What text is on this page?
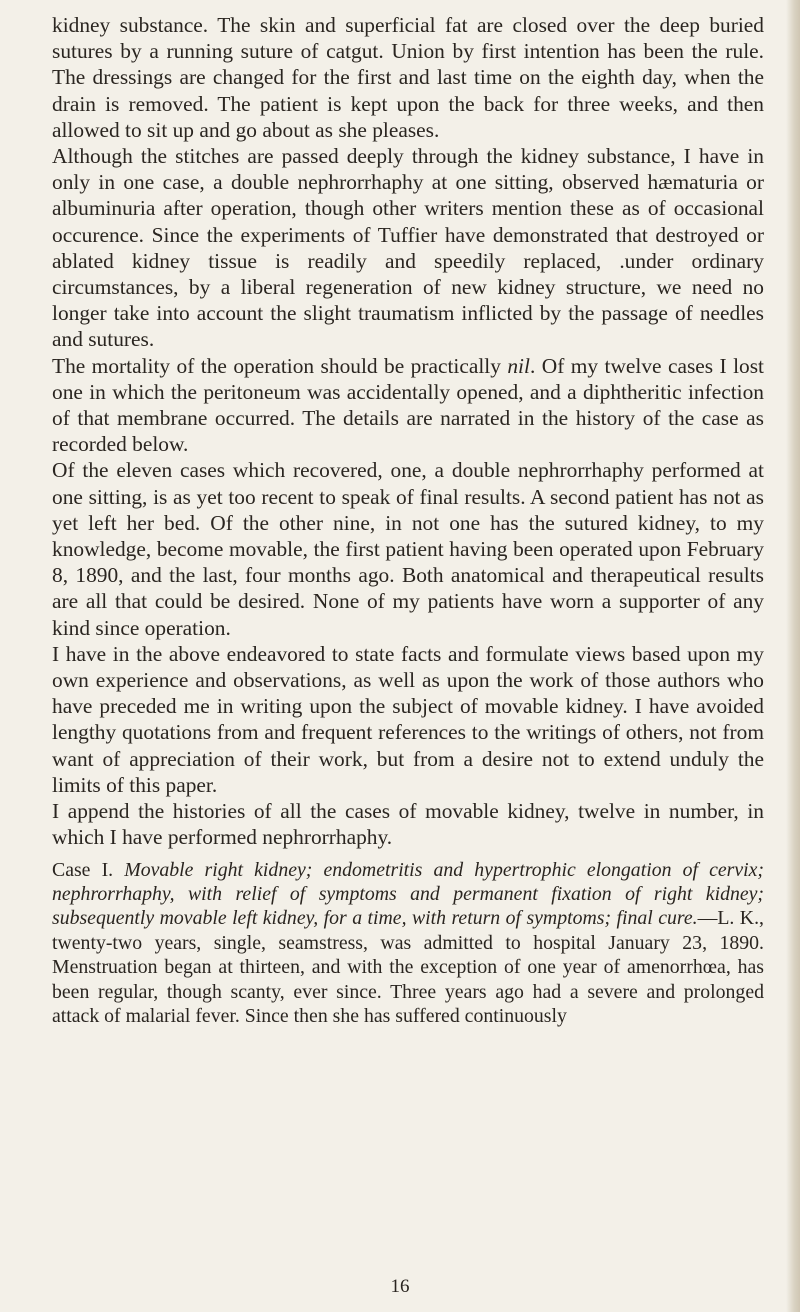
kidney substance. The skin and superficial fat are closed over the deep buried sutures by a running suture of catgut. Union by first intention has been the rule. The dressings are changed for the first and last time on the eighth day, when the drain is removed. The patient is kept upon the back for three weeks, and then allowed to sit up and go about as she pleases.

Although the stitches are passed deeply through the kidney substance, I have in only in one case, a double nephrorrhaphy at one sitting, observed hæmaturia or albuminuria after operation, though other writers mention these as of occasional occurence. Since the experiments of Tuffier have demonstrated that destroyed or ablated kidney tissue is readily and speedily replaced, .under ordinary circumstances, by a liberal regeneration of new kidney structure, we need no longer take into account the slight traumatism inflicted by the passage of needles and sutures.

The mortality of the operation should be practically nil. Of my twelve cases I lost one in which the peritoneum was accidentally opened, and a diphtheritic infection of that membrane occurred. The details are narrated in the history of the case as recorded below.

Of the eleven cases which recovered, one, a double nephrorrhaphy performed at one sitting, is as yet too recent to speak of final results. A second patient has not as yet left her bed. Of the other nine, in not one has the sutured kidney, to my knowledge, become movable, the first patient having been operated upon February 8, 1890, and the last, four months ago. Both anatomical and therapeutical results are all that could be desired. None of my patients have worn a supporter of any kind since operation.

I have in the above endeavored to state facts and formulate views based upon my own experience and observations, as well as upon the work of those authors who have preceded me in writing upon the subject of movable kidney. I have avoided lengthy quotations from and frequent references to the writings of others, not from want of appreciation of their work, but from a desire not to extend unduly the limits of this paper.

I append the histories of all the cases of movable kidney, twelve in number, in which I have performed nephrorrhaphy.

Case I. Movable right kidney; endometritis and hypertrophic elongation of cervix; nephrorrhaphy, with relief of symptoms and permanent fixation of right kidney; subsequently movable left kidney, for a time, with return of symptoms; final cure.—L. K., twenty-two years, single, seamstress, was admitted to hospital January 23, 1890. Menstruation began at thirteen, and with the exception of one year of amenorrhœa, has been regular, though scanty, ever since. Three years ago had a severe and prolonged attack of malarial fever. Since then she has suffered continuously

16
